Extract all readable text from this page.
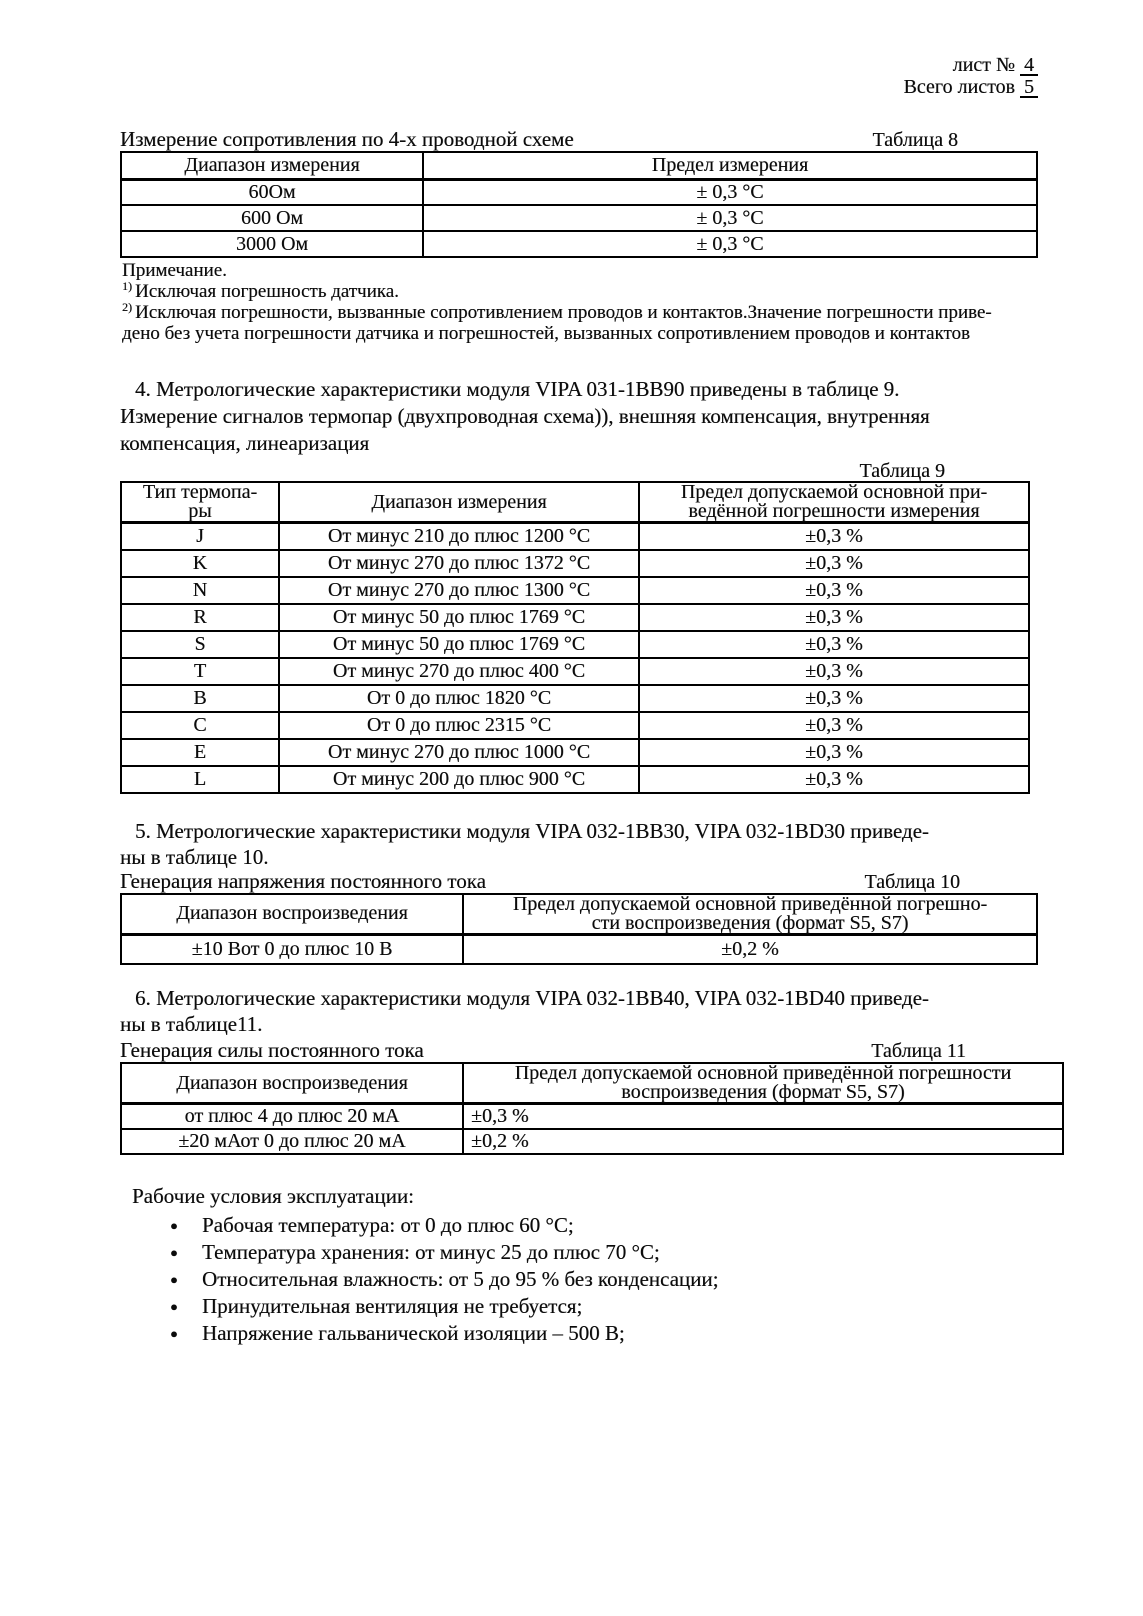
лист № 4
Всего листов 5
Измерение сопротивления по 4-х проводной схеме	Таблица 8
Диапазон измерения	Предел измерения
60Ом	± 0,3 °С
600 Ом	± 0,3 °С
3000 Ом	± 0,3 °С
Примечание.
$^{1)}$ Исключая погрешность датчика.
$^{2)}$ Исключая погрешности, вызванные сопротивлением проводов и контактов.Значение погрешности приве-
дено без учета погрешности датчика и погрешностей, вызванных сопротивлением проводов и контактов
4. Метрологические характеристики модуля VIPA 031-1BB90 приведены в таблице 9.
Измерение сигналов термопар (двухпроводная схема)), внешняя компенсация, внутренняя
компенсация, линеаризация
Таблица 9
Тип термопа-
ры	Диапазон измерения	Предел допускаемой основной при-
ведённой погрешности измерения

J	От минус 210 до плюс 1200 °С	±0,3 %
K	От минус 270 до плюс 1372 °С	±0,3 %
N	От минус 270 до плюс 1300 °С	±0,3 %
R	От минус 50 до плюс 1769 °С	±0,3 %
S	От минус 50 до плюс 1769 °С	±0,3 %
T	От минус 270 до плюс 400 °С	±0,3 %
B	От 0 до плюс 1820 °С	±0,3 %
C	От 0 до плюс 2315 °С	±0,3 %
E	От минус 270 до плюс 1000 °С	±0,3 %
L	От минус 200 до плюс 900 °С	±0,3 %
5. Метрологические характеристики модуля VIPA 032-1BB30, VIPA 032-1BD30 приведе-
ны в таблице 10.
Генерация напряжения постоянного тока	Таблица 10
Диапазон воспроизведения	Предел допускаемой основной приведённой погрешно-
сти воспроизведения (формат S5, S7)

±10 Вот 0 до плюс 10 В	±0,2 %
6. Метрологические характеристики модуля VIPA 032-1BB40, VIPA 032-1BD40 приведе-
ны в таблице11.
Генерация силы постоянного тока	Таблица 11
Диапазон воспроизведения	Предел допускаемой основной приведённой погрешности
воспроизведения (формат S5, S7)

от плюс 4 до плюс 20 мА	±0,3 %
±20 мАот 0 до плюс 20 мА	±0,2 %
Рабочие условия эксплуатации:
●	Рабочая температура: от 0 до плюс 60 °С;
●	Температура хранения: от минус 25 до плюс 70 °С;
●	Относительная влажность: от 5 до 95 % без конденсации;
●	Принудительная вентиляция не требуется;
●	Напряжение гальванической изоляции – 500 В;
